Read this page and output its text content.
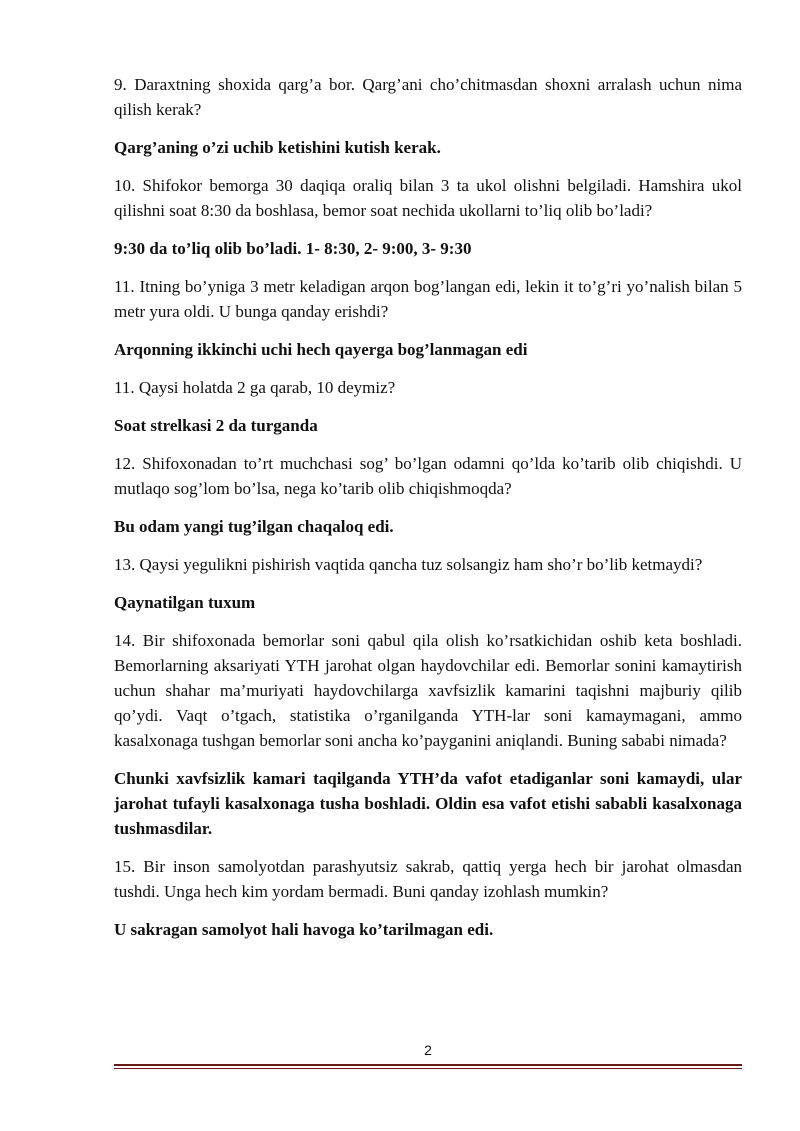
9. Daraxtning shoxida qarg’a bor. Qarg’ani cho’chitmasdan shoxni arralash uchun nima qilish kerak?

Qarg’aning o’zi uchib ketishini kutish kerak.

10. Shifokor bemorga 30 daqiqa oraliq bilan 3 ta ukol olishni belgiladi. Hamshira ukol qilishni soat 8:30 da boshlasa, bemor soat nechida ukollarni to’liq olib bo’ladi?

9:30 da to’liq olib bo’ladi. 1- 8:30, 2- 9:00, 3- 9:30

11. Itning bo’yniga 3 metr keladigan arqon bog’langan edi, lekin it to’g’ri yo’nalish bilan 5 metr yura oldi. U bunga qanday erishdi?

Arqonning ikkinchi uchi hech qayerga bog’lanmagan edi

11. Qaysi holatda 2 ga qarab, 10 deymiz?

Soat strelkasi 2 da turganda

12. Shifoxonadan to’rt muchchasi sog’ bo’lgan odamni qo’lda ko’tarib olib chiqishdi. U mutlaqo sog’lom bo’lsa, nega ko’tarib olib chiqishmoqda?

Bu odam yangi tug’ilgan chaqaloq edi.

13. Qaysi yegulikni pishirish vaqtida qancha tuz solsangiz ham sho’r bo’lib ketmaydi?

Qaynatilgan tuxum

14. Bir shifoxonada bemorlar soni qabul qila olish ko’rsatkichidan oshib keta boshladi. Bemorlarning aksariyati YTH jarohat olgan haydovchilar edi. Bemorlar sonini kamaytirish uchun shahar ma’muriyati haydovchilarga xavfsizlik kamarini taqishni majburiy qilib qo’ydi. Vaqt o’tgach, statistika o’rganilganda YTH-lar soni kamaymagani, ammo kasalxonaga tushgan bemorlar soni ancha ko’payganini aniqlandi. Buning sababi nimada?

Chunki xavfsizlik kamari taqilganda YTH’da vafot etadiganlar soni kamaydi, ular jarohat tufayli kasalxonaga tusha boshladi. Oldin esa vafot etishi sababli kasalxonaga tushmasdilar.

15. Bir inson samolyotdan parashyutsiz sakrab, qattiq yerga hech bir jarohat olmasdan tushdi. Unga hech kim yordam bermadi. Buni qanday izohlash mumkin?

U sakragan samolyot hali havoga ko’tarilmagan edi.

2
